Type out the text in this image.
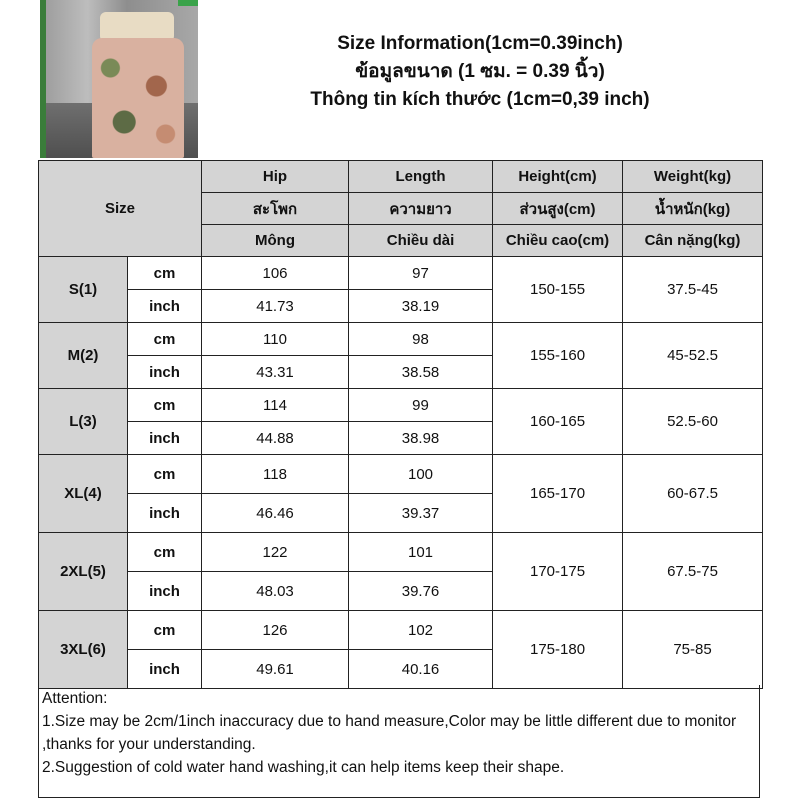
Size Information(1cm=0.39inch)
ข้อมูลขนาด (1 ซม. = 0.39 นิ้ว)
Thông tin kích thước (1cm=0,39 inch)
Size		Hip	Length	Height(cm)	Weight(kg)
		สะโพก	ความยาว	ส่วนสูง(cm)	น้ำหนัก(kg)
		Mông	Chiều dài	Chiều cao(cm)	Cân nặng(kg)
S(1)	cm	106	97	150-155	37.5-45
	inch	41.73	38.19		
M(2)	cm	110	98	155-160	45-52.5
	inch	43.31	38.58		
L(3)	cm	114	99	160-165	52.5-60
	inch	44.88	38.98		
XL(4)	cm	118	100	165-170	60-67.5
	inch	46.46	39.37		
2XL(5)	cm	122	101	170-175	67.5-75
	inch	48.03	39.76		
3XL(6)	cm	126	102	175-180	75-85
	inch	49.61	40.16		
Attention:
1.Size may be 2cm/1inch inaccuracy due to hand measure,Color may be little different due to monitor ,thanks for your understanding.
2.Suggestion of cold water hand washing,it can help items keep their shape.
